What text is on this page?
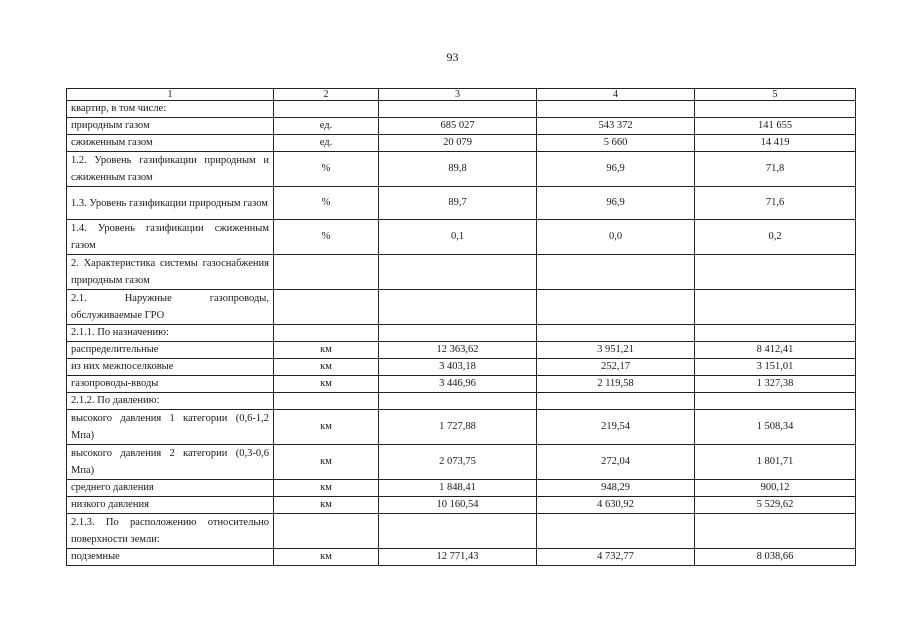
93
1	2	3	4	5
квартир, в том числе:				
природным газом	ед.	685 027	543 372	141 655
сжиженным газом	ед.	20 079	5 660	14 419
1.2. Уровень газификации природным и сжиженным газом	%	89,8	96,9	71,8
1.3. Уровень газификации природным газом	%	89,7	96,9	71,6
1.4. Уровень газификации сжиженным газом	%	0,1	0,0	0,2
2. Характеристика системы газоснабжения природным газом				
2.1. Наружные газопроводы, обслуживаемые ГРО				
2.1.1. По назначению:				
распределительные	км	12 363,62	3 951,21	8 412,41
из них межпоселковые	км	3 403,18	252,17	3 151,01
газопроводы-вводы	км	3 446,96	2 119,58	1 327,38
2.1.2. По давлению:				
высокого давления 1 категории (0,6-1,2 Мпа)	км	1 727,88	219,54	1 508,34
высокого давления 2 категории (0,3-0,6 Мпа)	км	2 073,75	272,04	1 801,71
среднего давления	км	1 848,41	948,29	900,12
низкого давления	км	10 160,54	4 630,92	5 529,62
2.1.3. По расположению относительно поверхности земли:				
подземные	км	12 771,43	4 732,77	8 038,66
